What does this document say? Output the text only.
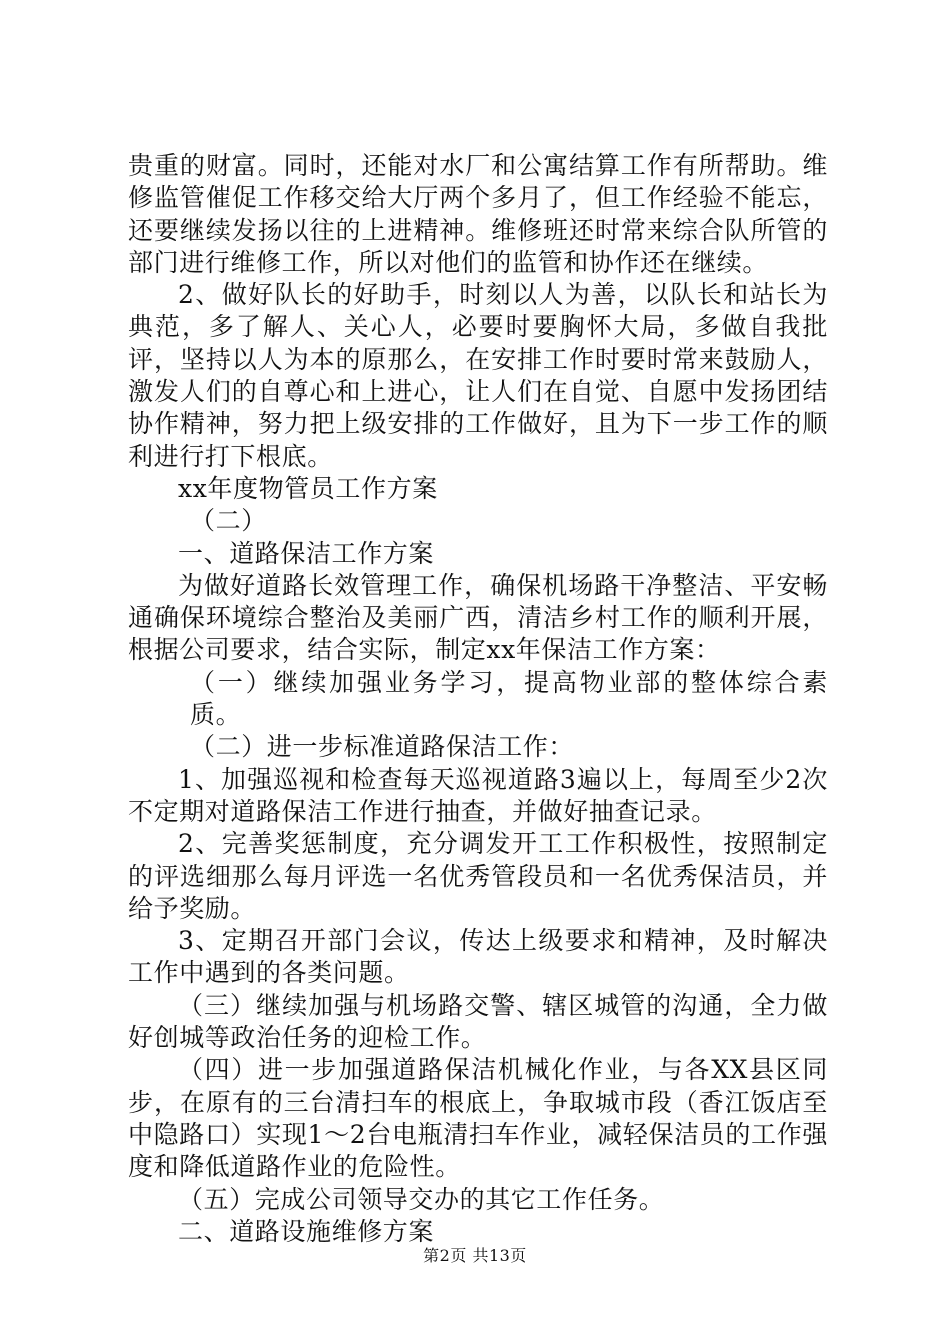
贵重的财富。同时，还能对水厂和公寓结算工作有所帮助。维修监管催促工作移交给大厅两个多月了，但工作经验不能忘，还要继续发扬以往的上进精神。维修班还时常来综合队所管的部门进行维修工作，所以对他们的监管和协作还在继续。

2、做好队长的好助手，时刻以人为善，以队长和站长为典范，多了解人、关心人，必要时要胸怀大局，多做自我批评，坚持以人为本的原那么，在安排工作时要时常来鼓励人，激发人们的自尊心和上进心，让人们在自觉、自愿中发扬团结协作精神，努力把上级安排的工作做好，且为下一步工作的顺利进行打下根底。

xx年度物管员工作方案

（二）

一、道路保洁工作方案

为做好道路长效管理工作，确保机场路干净整洁、平安畅通确保环境综合整治及美丽广西，清洁乡村工作的顺利开展，根据公司要求，结合实际，制定xx年保洁工作方案：

（一）继续加强业务学习，提高物业部的整体综合素质。

（二）进一步标准道路保洁工作：

1、加强巡视和检查每天巡视道路3遍以上，每周至少2次不定期对道路保洁工作进行抽查，并做好抽查记录。

2、完善奖惩制度，充分调发开工工作积极性，按照制定的评选细那么每月评选一名优秀管段员和一名优秀保洁员，并给予奖励。

3、定期召开部门会议，传达上级要求和精神，及时解决工作中遇到的各类问题。

（三）继续加强与机场路交警、辖区城管的沟通，全力做好创城等政治任务的迎检工作。

（四）进一步加强道路保洁机械化作业，与各XX县区同步，在原有的三台清扫车的根底上，争取城市段（香江饭店至中隐路口）实现1～2台电瓶清扫车作业，减轻保洁员的工作强度和降低道路作业的危险性。

（五）完成公司领导交办的其它工作任务。

二、道路设施维修方案

第2页 共13页
